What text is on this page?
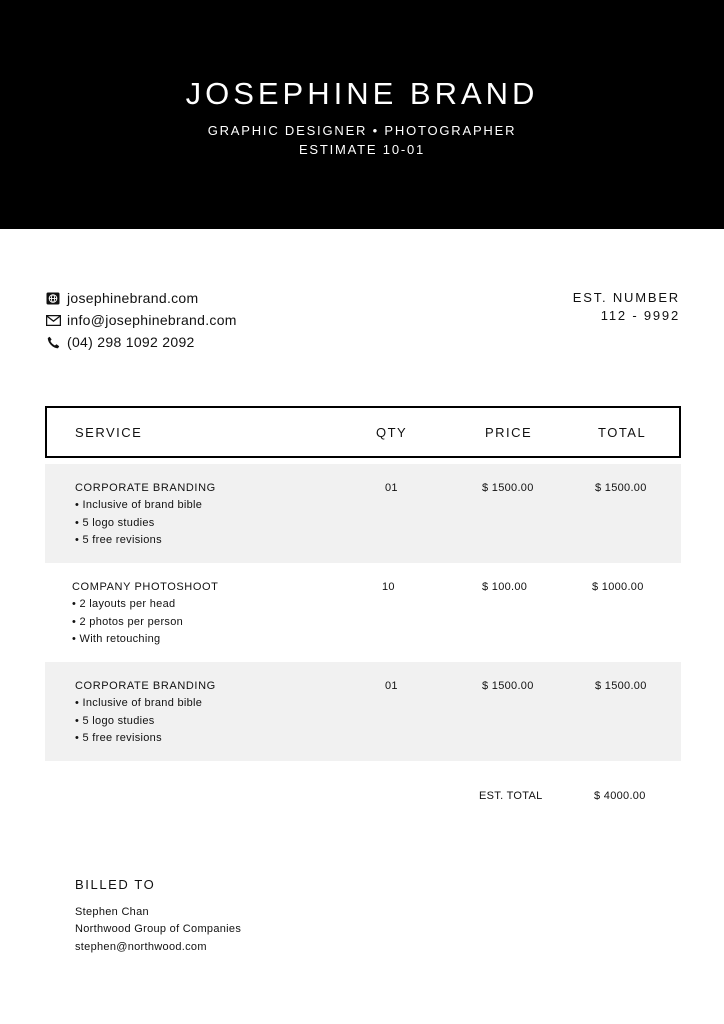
JOSEPHINE BRAND
GRAPHIC DESIGNER • PHOTOGRAPHER
ESTIMATE 10-01
josephinebrand.com
info@josephinebrand.com
(04) 298 1092 2092
EST. NUMBER
112 - 9992
SERVICE	QTY	PRICE	TOTAL
CORPORATE BRANDING
• Inclusive of brand bible
• 5 logo studies
• 5 free revisions
01	$ 1500.00	$ 1500.00
COMPANY PHOTOSHOOT
• 2 layouts per head
• 2 photos per person
• With retouching
10	$ 100.00	$ 1000.00
CORPORATE BRANDING
• Inclusive of brand bible
• 5 logo studies
• 5 free revisions
01	$ 1500.00	$ 1500.00
EST. TOTAL	$ 4000.00
BILLED TO
Stephen Chan
Northwood Group of Companies
stephen@northwood.com
